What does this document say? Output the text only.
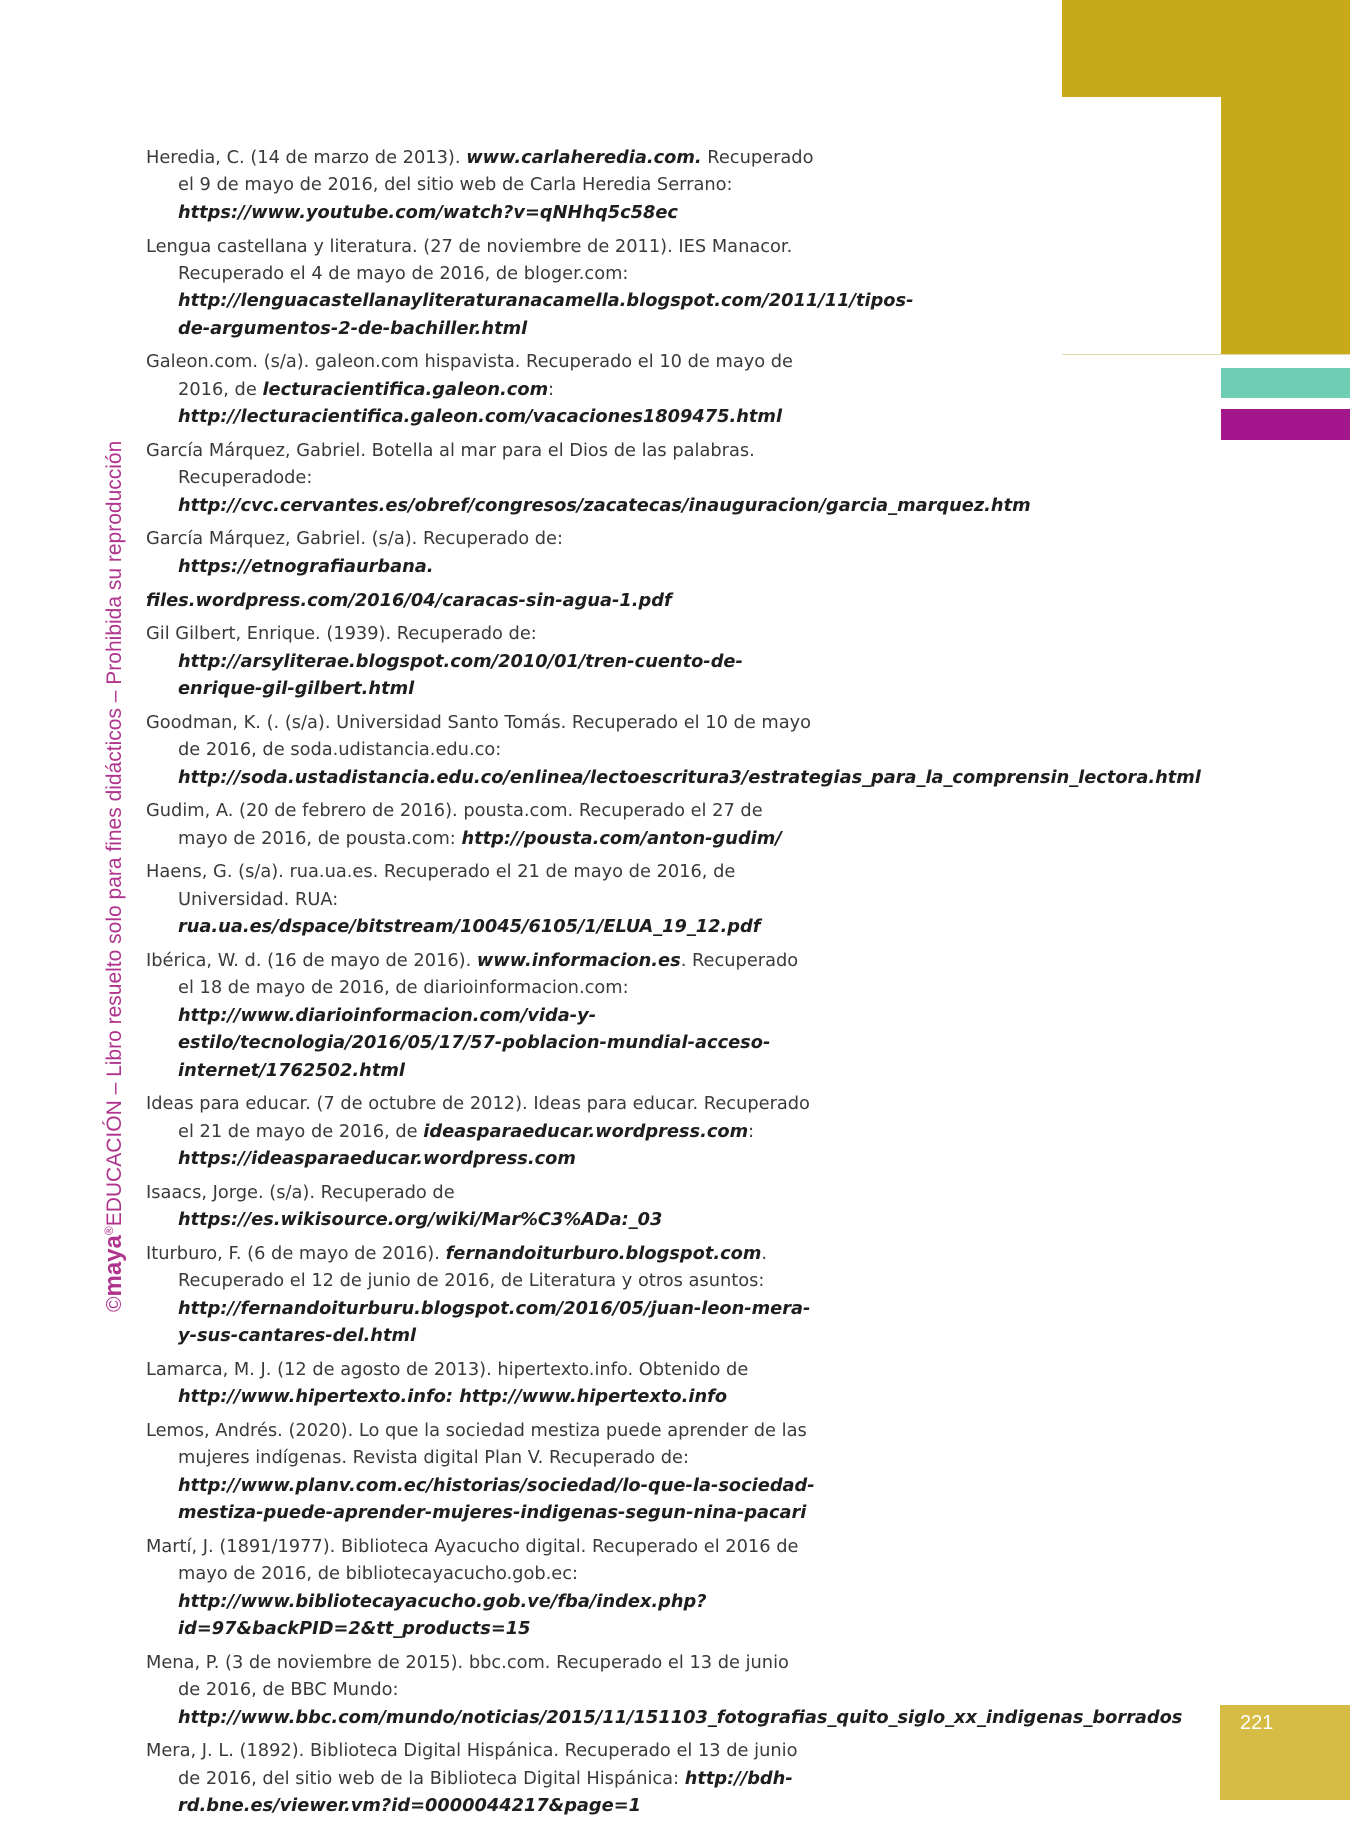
©maya®EDUCACIÓN – Libro resuelto solo para fines didácticos – Prohibida su reproducción

Heredia, C. (14 de marzo de 2013). www.carlaheredia.com. Recuperado el 9 de mayo de 2016, del sitio web de Carla Heredia Serrano: https://www.youtube.com/watch?v=qNHhq5c58ec

Lengua castellana y literatura. (27 de noviembre de 2011). IES Manacor. Recuperado el 4 de mayo de 2016, de bloger.com: http://lenguacastellanayliteraturanacamella.blogspot.com/2011/11/tipos-de-argumentos-2-de-bachiller.html

Galeon.com. (s/a). galeon.com hispavista. Recuperado el 10 de mayo de 2016, de lecturacientifica.galeon.com: http://lecturacientifica.galeon.com/vacaciones1809475.html

García Márquez, Gabriel. Botella al mar para el Dios de las palabras. Recuperadode: http://cvc.cervantes.es/obref/congresos/zacatecas/inauguracion/garcia_marquez.htm

García Márquez, Gabriel. (s/a). Recuperado de: https://etnografiaurbana.

files.wordpress.com/2016/04/caracas-sin-agua-1.pdf

Gil Gilbert, Enrique. (1939). Recuperado de: http://arsyliterae.blogspot.com/2010/01/tren-cuento-de-enrique-gil-gilbert.html

Goodman, K. (. (s/a). Universidad Santo Tomás. Recuperado el 10 de mayo de 2016, de soda.udistancia.edu.co: http://soda.ustadistancia.edu.co/enlinea/lectoescritura3/estrategias_para_la_comprensin_lectora.html

Gudim, A. (20 de febrero de 2016). pousta.com. Recuperado el 27 de mayo de 2016, de pousta.com: http://pousta.com/anton-gudim/

Haens, G. (s/a). rua.ua.es. Recuperado el 21 de mayo de 2016, de Universidad. RUA: rua.ua.es/dspace/bitstream/10045/6105/1/ELUA_19_12.pdf

Ibérica, W. d. (16 de mayo de 2016). www.informacion.es. Recuperado el 18 de mayo de 2016, de diarioinformacion.com: http://www.diarioinformacion.com/vida-y-estilo/tecnologia/2016/05/17/57-poblacion-mundial-acceso-internet/1762502.html

Ideas para educar. (7 de octubre de 2012). Ideas para educar. Recuperado el 21 de mayo de 2016, de ideasparaeducar.wordpress.com: https://ideasparaeducar.wordpress.com

Isaacs, Jorge. (s/a). Recuperado de https://es.wikisource.org/wiki/Mar%C3%ADa:_03

Iturburo, F. (6 de mayo de 2016). fernandoiturburo.blogspot.com. Recuperado el 12 de junio de 2016, de Literatura y otros asuntos: http://fernandoiturburu.blogspot.com/2016/05/juan-leon-mera-y-sus-cantares-del.html

Lamarca, M. J. (12 de agosto de 2013). hipertexto.info. Obtenido de http://www.hipertexto.info: http://www.hipertexto.info

Lemos, Andrés. (2020). Lo que la sociedad mestiza puede aprender de las mujeres indígenas. Revista digital Plan V. Recuperado de: http://www.planv.com.ec/historias/sociedad/lo-que-la-sociedad-mestiza-puede-aprender-mujeres-indigenas-segun-nina-pacari

Martí, J. (1891/1977). Biblioteca Ayacucho digital. Recuperado el 2016 de mayo de 2016, de bibliotecayacucho.gob.ec: http://www.bibliotecayacucho.gob.ve/fba/index.php?id=97&backPID=2&tt_products=15

Mena, P. (3 de noviembre de 2015). bbc.com. Recuperado el 13 de junio de 2016, de BBC Mundo: http://www.bbc.com/mundo/noticias/2015/11/151103_fotografias_quito_siglo_xx_indigenas_borrados

Mera, J. L. (1892). Biblioteca Digital Hispánica. Recuperado el 13 de junio de 2016, del sitio web de la Biblioteca Digital Hispánica: http://bdh-rd.bne.es/viewer.vm?id=0000044217&page=1

221
